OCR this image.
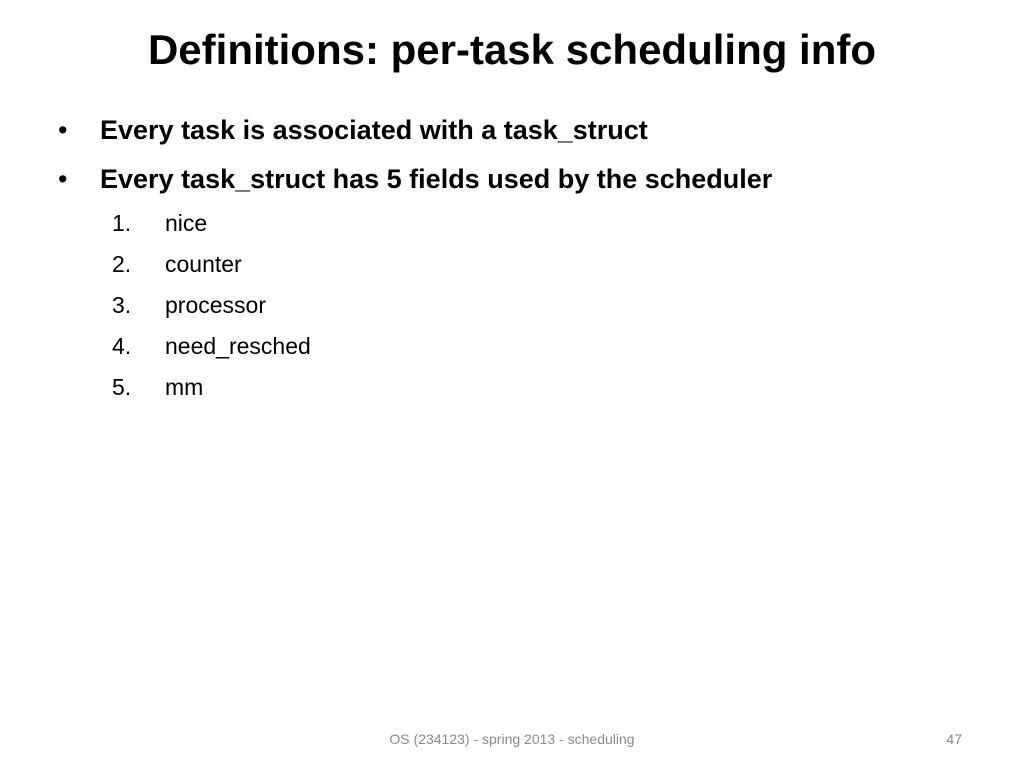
Definitions: per-task scheduling info
• Every task is associated with a task_struct
• Every task_struct has 5 fields used by the scheduler
1. nice
2. counter
3. processor
4. need_resched
5. mm
OS (234123) - spring 2013 - scheduling	47
